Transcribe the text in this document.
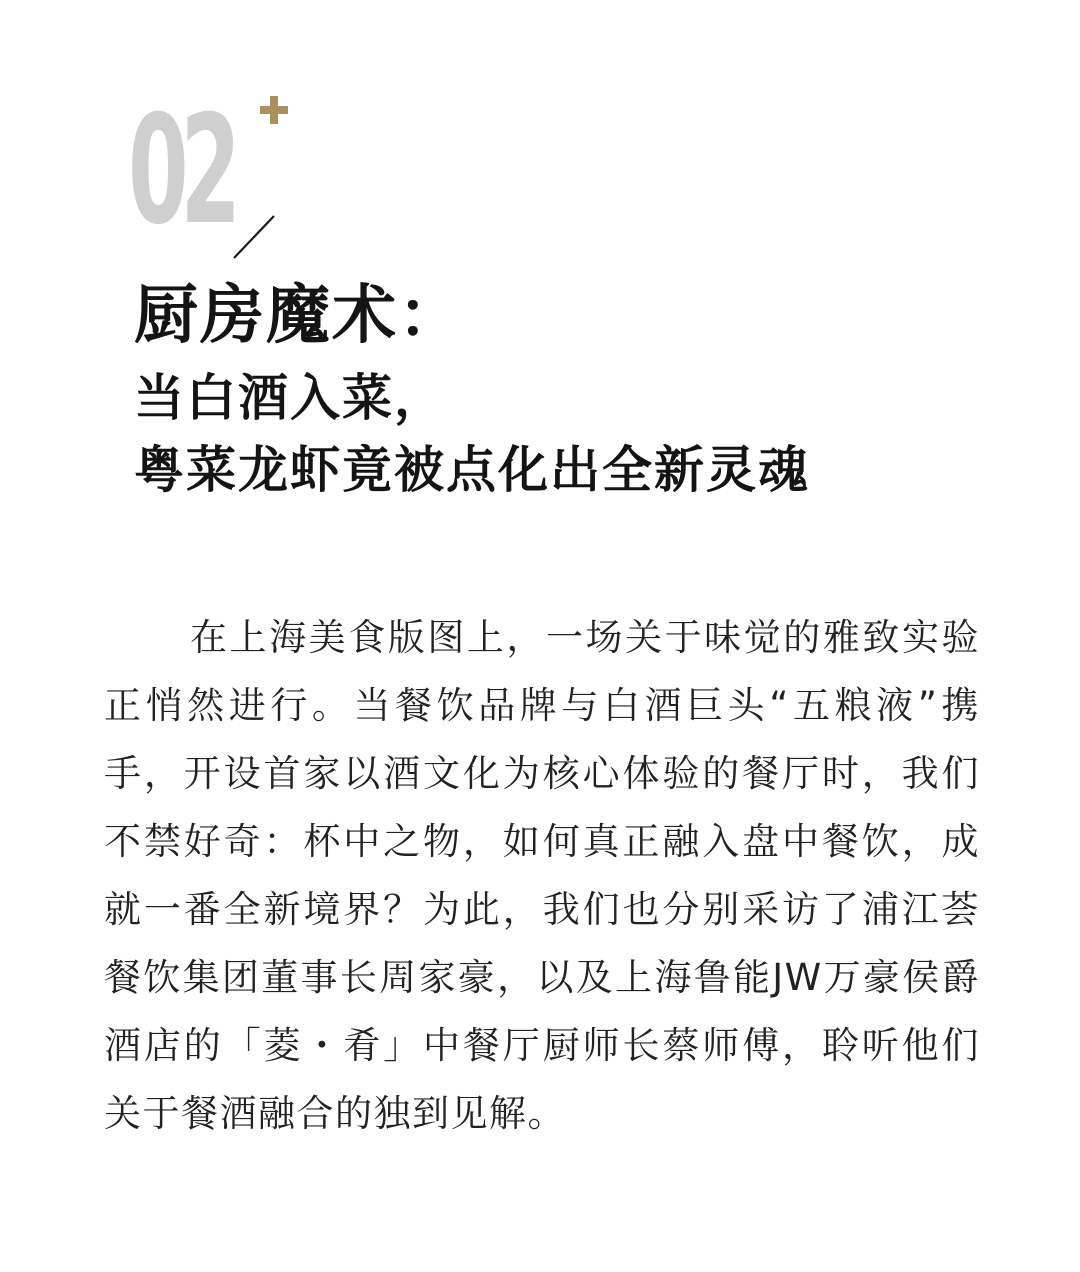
02
厨房魔术：
当白酒入菜，
粤菜龙虾竟被点化出全新灵魂

在上海美食版图上，一场关于味觉的雅致实验正悄然进行。当餐饮品牌与白酒巨头“五粮液”携手，开设首家以酒文化为核心体验的餐厅时，我们不禁好奇：杯中之物，如何真正融入盘中餐饮，成就一番全新境界？为此，我们也分别采访了浦江荟餐饮集团董事长周家豪，以及上海鲁能JW万豪侯爵酒店的「菱・肴」中餐厅厨师长蔡师傅，聆听他们关于餐酒融合的独到见解。
